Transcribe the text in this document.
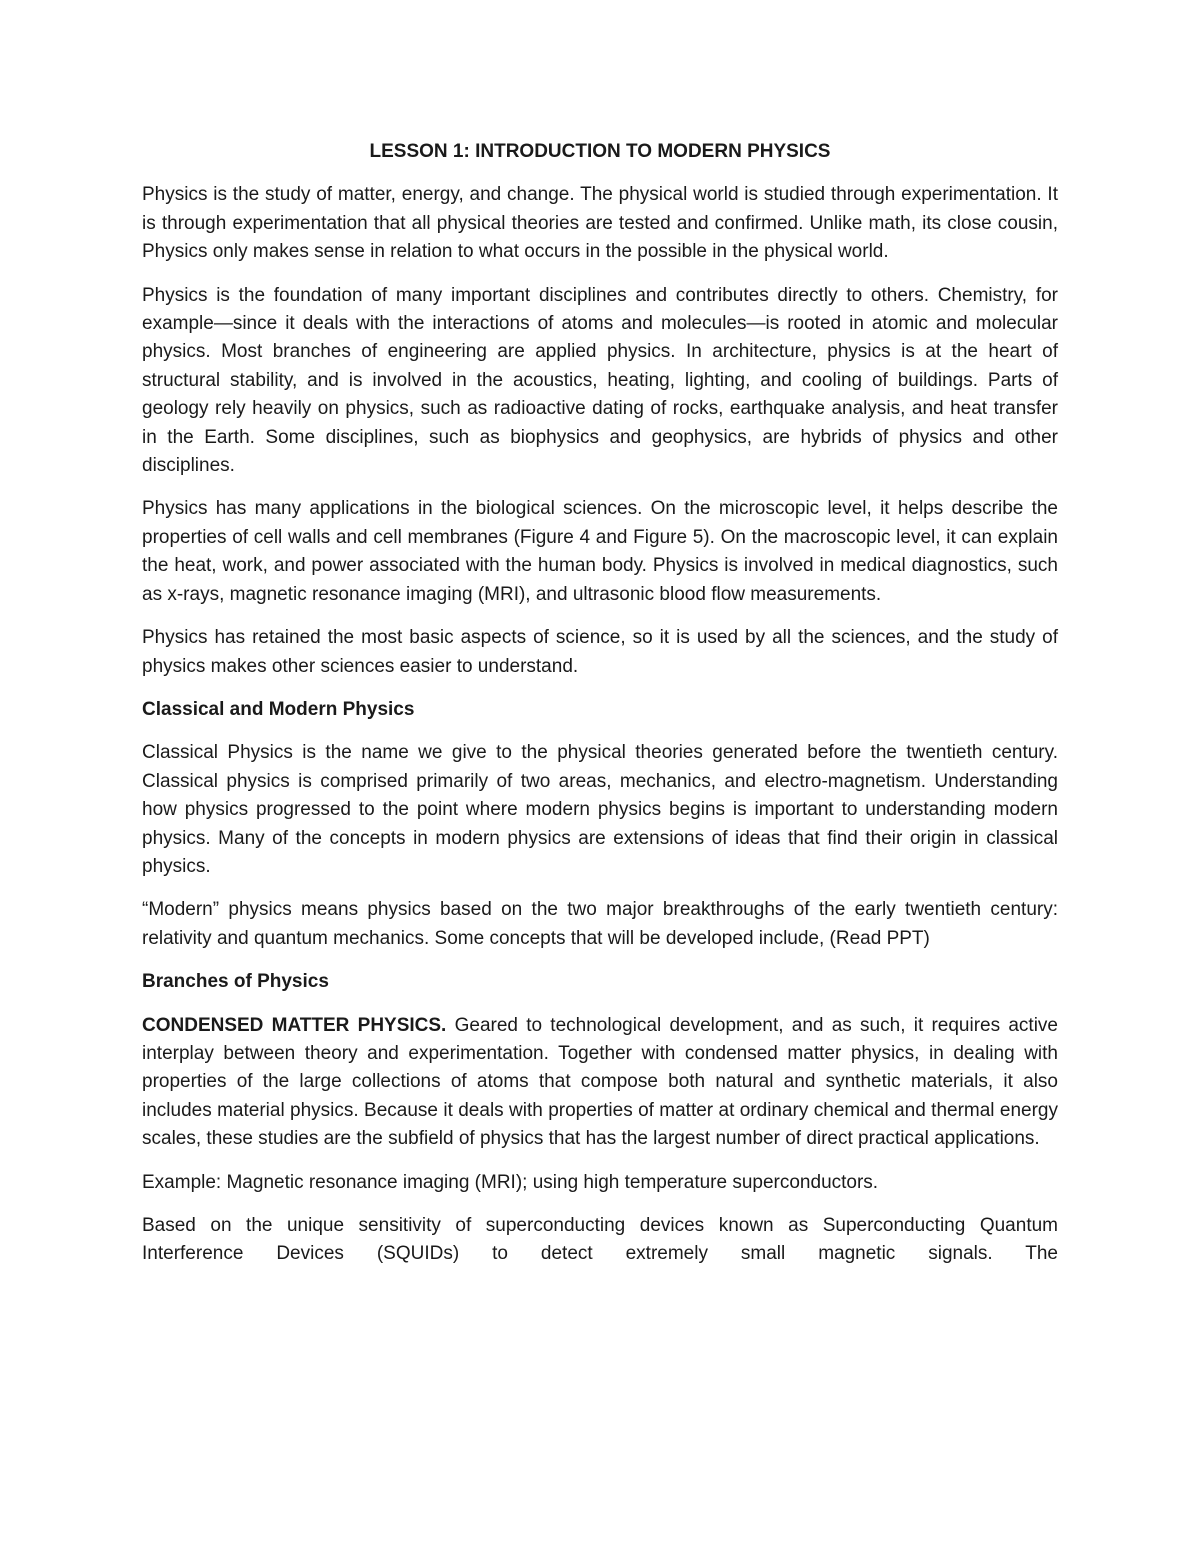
LESSON 1: INTRODUCTION TO MODERN PHYSICS

Physics is the study of matter, energy, and change. The physical world is studied through experimentation. It is through experimentation that all physical theories are tested and confirmed. Unlike math, its close cousin, Physics only makes sense in relation to what occurs in the possible in the physical world.

Physics is the foundation of many important disciplines and contributes directly to others. Chemistry, for example—since it deals with the interactions of atoms and molecules—is rooted in atomic and molecular physics. Most branches of engineering are applied physics. In architecture, physics is at the heart of structural stability, and is involved in the acoustics, heating, lighting, and cooling of buildings. Parts of geology rely heavily on physics, such as radioactive dating of rocks, earthquake analysis, and heat transfer in the Earth. Some disciplines, such as biophysics and geophysics, are hybrids of physics and other disciplines.

Physics has many applications in the biological sciences. On the microscopic level, it helps describe the properties of cell walls and cell membranes (Figure 4 and Figure 5). On the macroscopic level, it can explain the heat, work, and power associated with the human body. Physics is involved in medical diagnostics, such as x-rays, magnetic resonance imaging (MRI), and ultrasonic blood flow measurements.

Physics has retained the most basic aspects of science, so it is used by all the sciences, and the study of physics makes other sciences easier to understand.

Classical and Modern Physics

Classical Physics is the name we give to the physical theories generated before the twentieth century. Classical physics is comprised primarily of two areas, mechanics, and electro-magnetism. Understanding how physics progressed to the point where modern physics begins is important to understanding modern physics. Many of the concepts in modern physics are extensions of ideas that find their origin in classical physics.

“Modern” physics means physics based on the two major breakthroughs of the early twentieth century: relativity and quantum mechanics. Some concepts that will be developed include, (Read PPT)

Branches of Physics

CONDENSED MATTER PHYSICS. Geared to technological development, and as such, it requires active interplay between theory and experimentation. Together with condensed matter physics, in dealing with properties of the large collections of atoms that compose both natural and synthetic materials, it also includes material physics. Because it deals with properties of matter at ordinary chemical and thermal energy scales, these studies are the subfield of physics that has the largest number of direct practical applications.

Example: Magnetic resonance imaging (MRI); using high temperature superconductors.

Based on the unique sensitivity of superconducting devices known as Superconducting Quantum Interference Devices (SQUIDs) to detect extremely small magnetic signals. The
